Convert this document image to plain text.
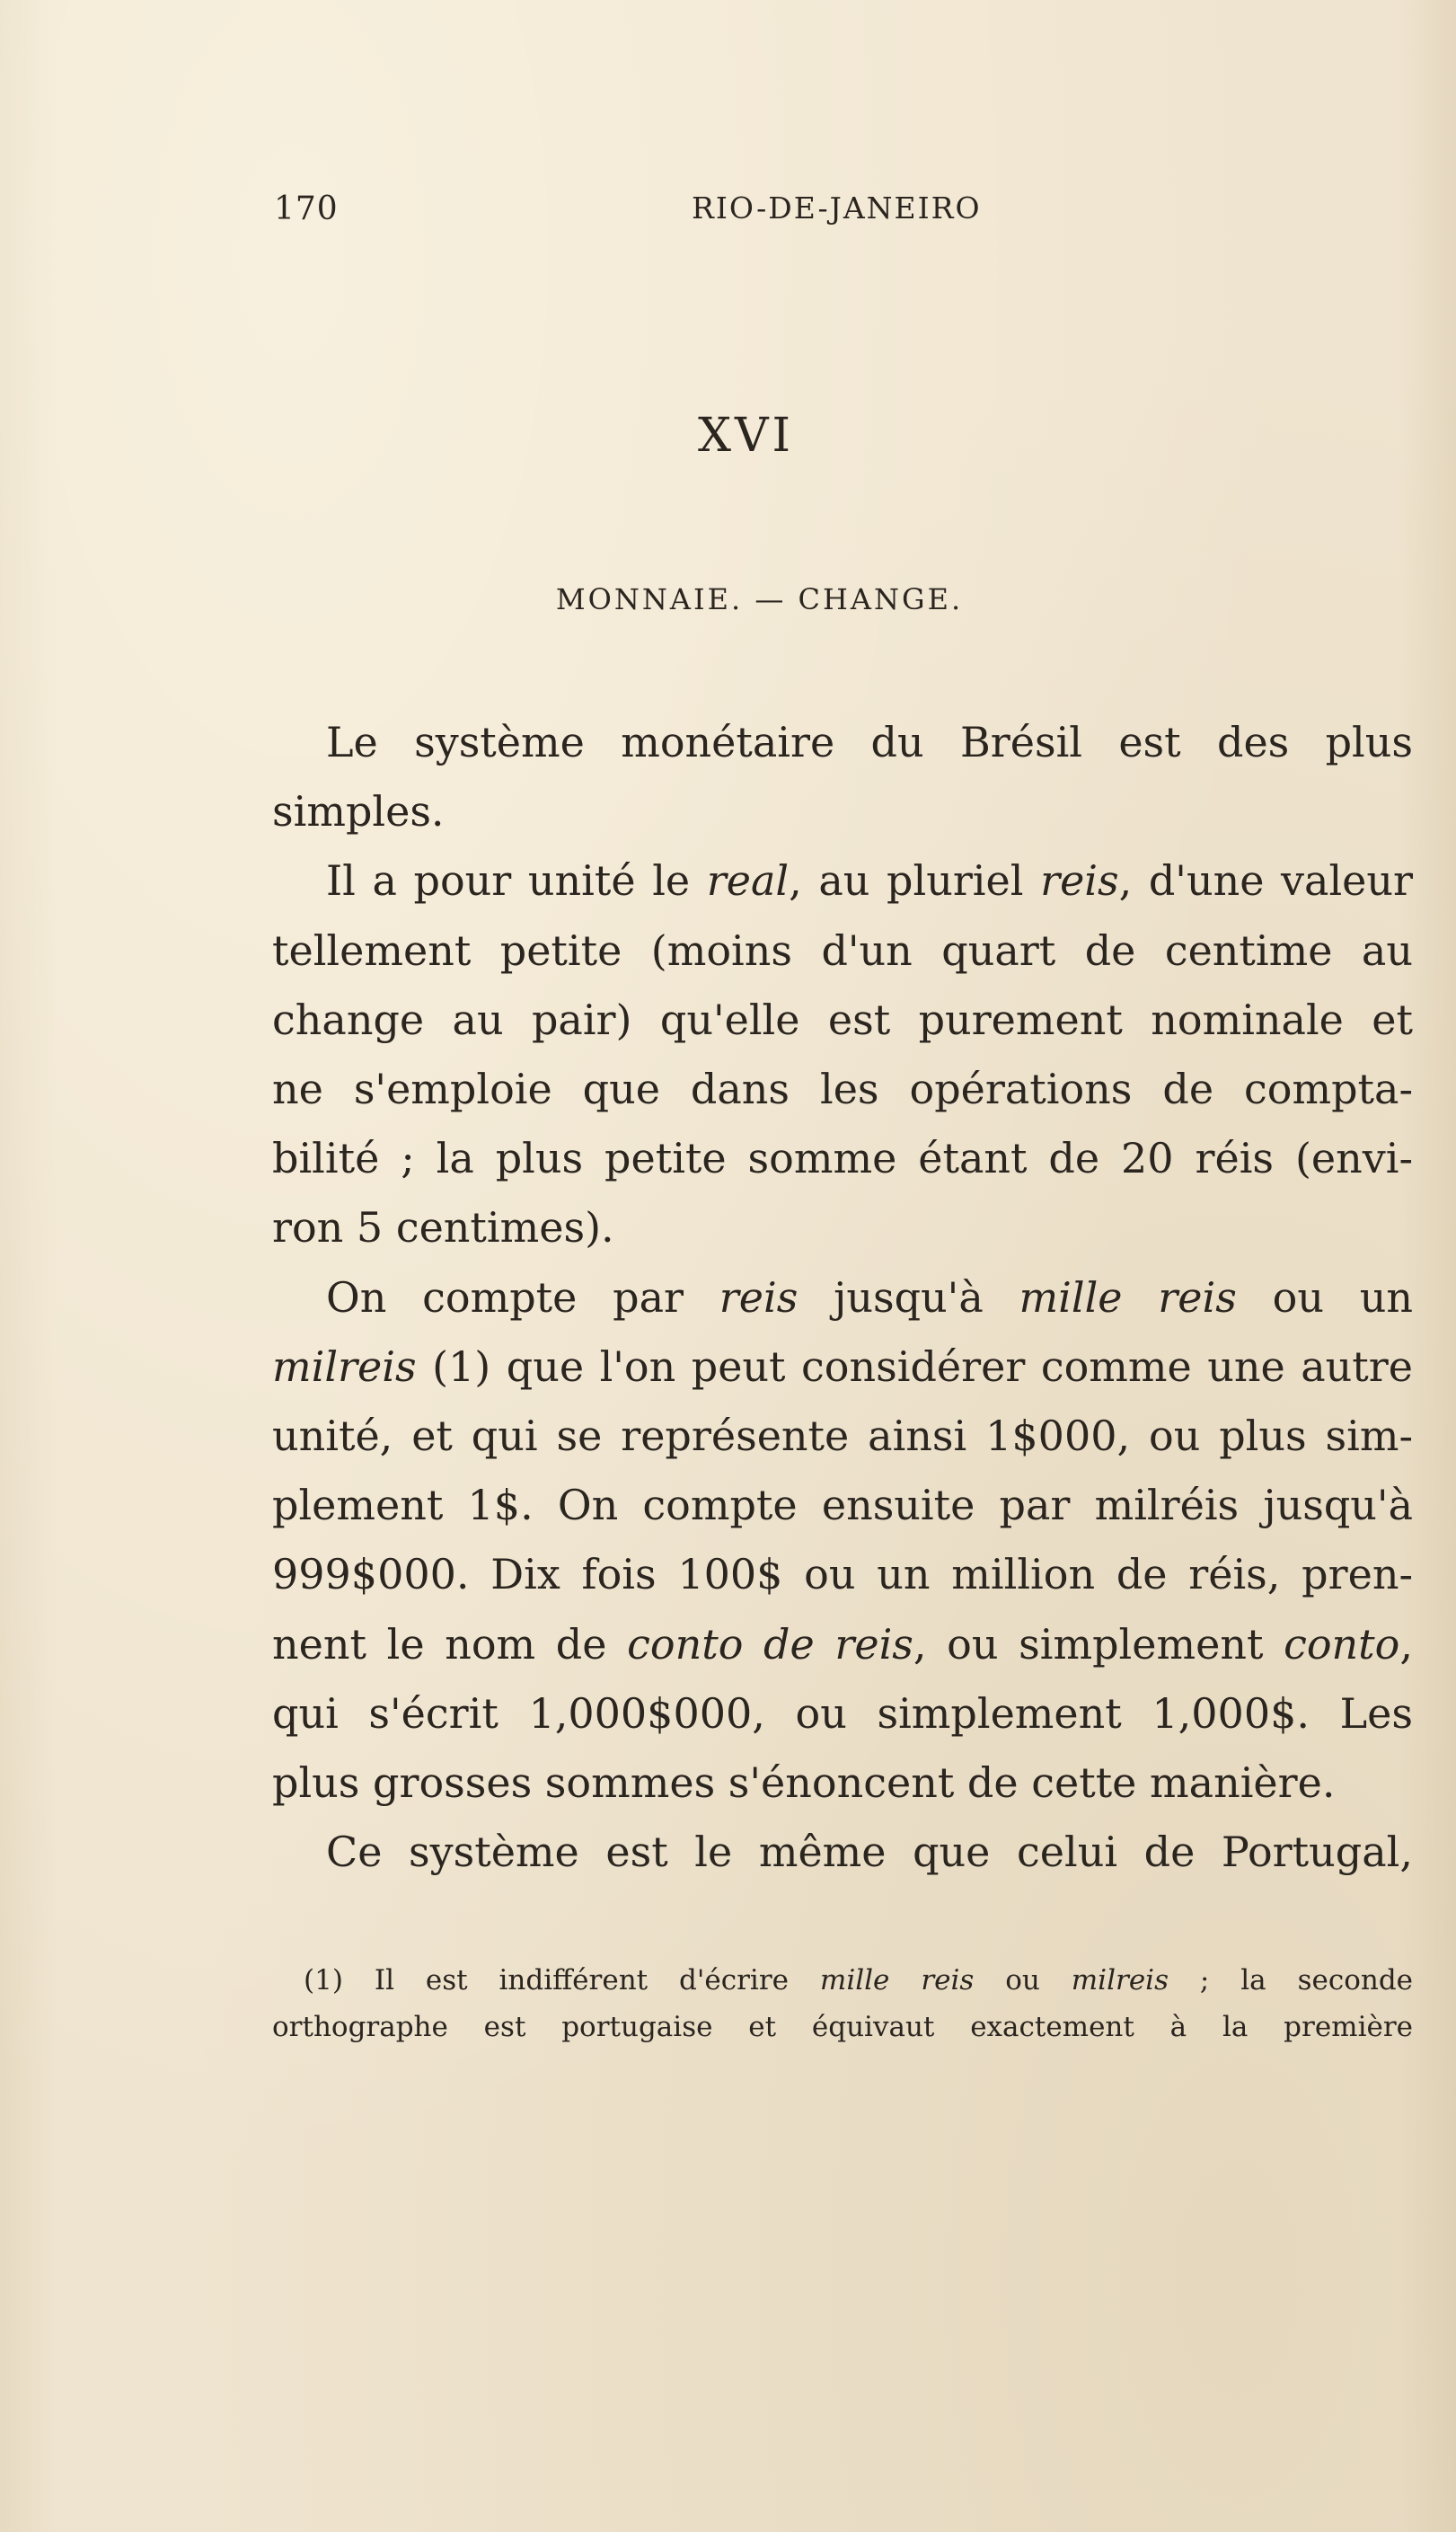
170	RIO-DE-JANEIRO
XVI
MONNAIE. — CHANGE.
Le système monétaire du Brésil est des plus
simples.
Il a pour unité le real, au pluriel reis, d'une valeur
tellement petite (moins d'un quart de centime au
change au pair) qu'elle est purement nominale et
ne s'emploie que dans les opérations de compta-
bilité ; la plus petite somme étant de 20 réis (envi-
ron 5 centimes).
On compte par reis jusqu'à mille reis ou un
milreis (1) que l'on peut considérer comme une autre
unité, et qui se représente ainsi 1$000, ou plus sim-
plement 1$. On compte ensuite par milréis jusqu'à
999$000. Dix fois 100$ ou un million de réis, pren-
nent le nom de conto de reis, ou simplement conto,
qui s'écrit 1,000$000, ou simplement 1,000$. Les
plus grosses sommes s'énoncent de cette manière.
Ce système est le même que celui de Portugal,
(1) Il est indifférent d'écrire mille reis ou milreis ; la seconde
orthographe est portugaise et équivaut exactement à la première
